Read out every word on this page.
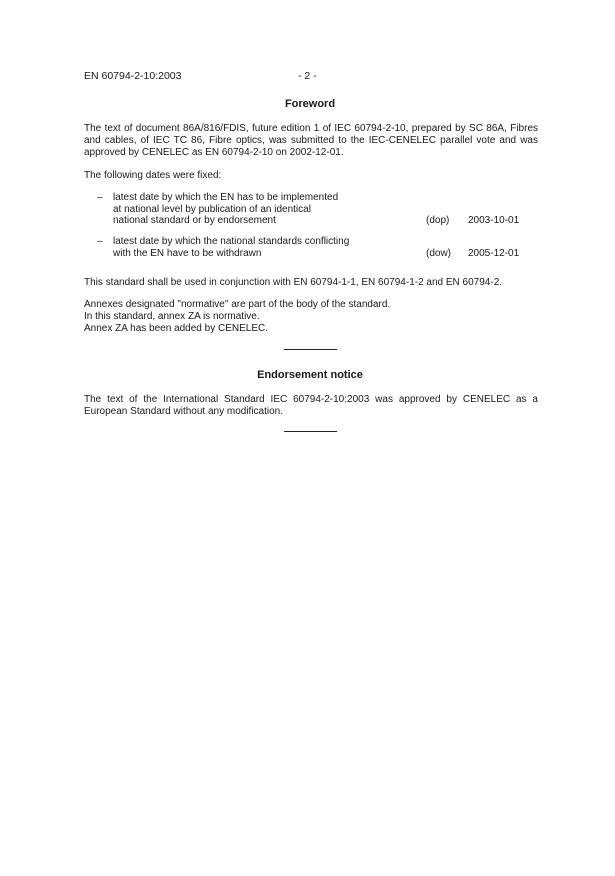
EN 60794-2-10:2003	- 2 -
Foreword
The text of document 86A/816/FDIS, future edition 1 of IEC 60794-2-10, prepared by SC 86A, Fibres and cables, of IEC TC 86, Fibre optics, was submitted to the IEC-CENELEC parallel vote and was approved by CENELEC as EN 60794-2-10 on 2002-12-01.
The following dates were fixed:
– latest date by which the EN has to be implemented
at national level by publication of an identical
national standard or by endorsement	(dop) 2003-10-01
– latest date by which the national standards conflicting
with the EN have to be withdrawn	(dow) 2005-12-01
This standard shall be used in conjunction with EN 60794-1-1, EN 60794-1-2 and EN 60794-2.
Annexes designated "normative" are part of the body of the standard.
In this standard, annex ZA is normative.
Annex ZA has been added by CENELEC.
Endorsement notice
The text of the International Standard IEC 60794-2-10:2003 was approved by CENELEC as a European Standard without any modification.
